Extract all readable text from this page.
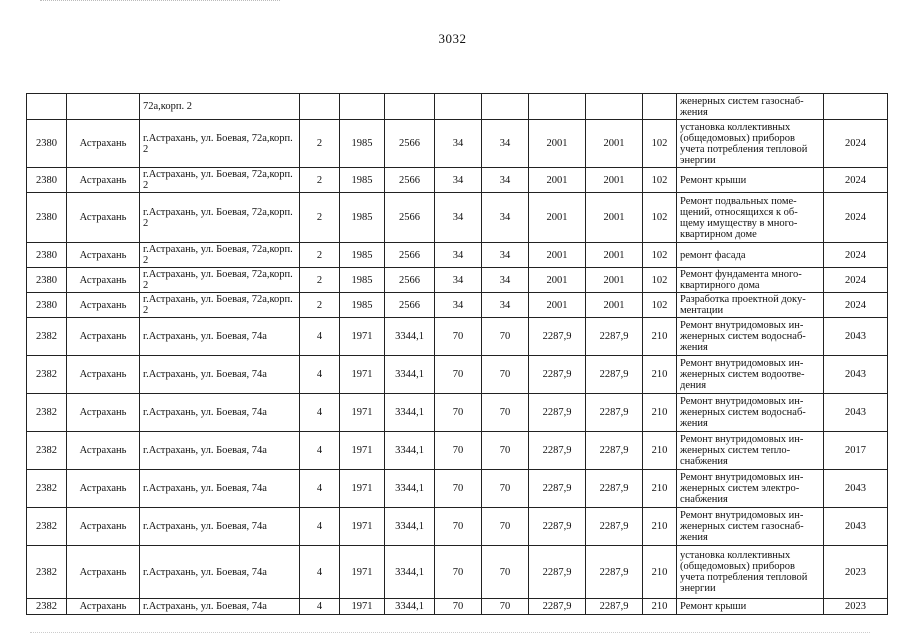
3032
		72а,корп. 2									женерных систем газоснаб-жения	
2380	Астрахань	г.Астрахань, ул. Боевая, 72а,корп. 2	2	1985	2566	34	34	2001	2001	102	установка коллективных (общедомовых) приборов учета потребления тепловой энергии	2024
2380	Астрахань	г.Астрахань, ул. Боевая, 72а,корп. 2	2	1985	2566	34	34	2001	2001	102	Ремонт крыши	2024
2380	Астрахань	г.Астрахань, ул. Боевая, 72а,корп. 2	2	1985	2566	34	34	2001	2001	102	Ремонт подвальных поме-щений, относящихся к об-щему имуществу в много-квартирном доме	2024
2380	Астрахань	г.Астрахань, ул. Боевая, 72а,корп. 2	2	1985	2566	34	34	2001	2001	102	ремонт фасада	2024
2380	Астрахань	г.Астрахань, ул. Боевая, 72а,корп. 2	2	1985	2566	34	34	2001	2001	102	Ремонт фундамента много-квартирного дома	2024
2380	Астрахань	г.Астрахань, ул. Боевая, 72а,корп. 2	2	1985	2566	34	34	2001	2001	102	Разработка проектной доку-ментации	2024
2382	Астрахань	г.Астрахань, ул. Боевая, 74а	4	1971	3344,1	70	70	2287,9	2287,9	210	Ремонт внутридомовых ин-женерных систем водоснаб-жения	2043
2382	Астрахань	г.Астрахань, ул. Боевая, 74а	4	1971	3344,1	70	70	2287,9	2287,9	210	Ремонт внутридомовых ин-женерных систем водоотве-дения	2043
2382	Астрахань	г.Астрахань, ул. Боевая, 74а	4	1971	3344,1	70	70	2287,9	2287,9	210	Ремонт внутридомовых ин-женерных систем водоснаб-жения	2043
2382	Астрахань	г.Астрахань, ул. Боевая, 74а	4	1971	3344,1	70	70	2287,9	2287,9	210	Ремонт внутридомовых ин-женерных систем тепло-снабжения	2017
2382	Астрахань	г.Астрахань, ул. Боевая, 74а	4	1971	3344,1	70	70	2287,9	2287,9	210	Ремонт внутридомовых ин-женерных систем электро-снабжения	2043
2382	Астрахань	г.Астрахань, ул. Боевая, 74а	4	1971	3344,1	70	70	2287,9	2287,9	210	Ремонт внутридомовых ин-женерных систем газоснаб-жения	2043
2382	Астрахань	г.Астрахань, ул. Боевая, 74а	4	1971	3344,1	70	70	2287,9	2287,9	210	установка коллективных (общедомовых) приборов учета потребления тепловой энергии	2023
2382	Астрахань	г.Астрахань, ул. Боевая, 74а	4	1971	3344,1	70	70	2287,9	2287,9	210	Ремонт крыши	2023
